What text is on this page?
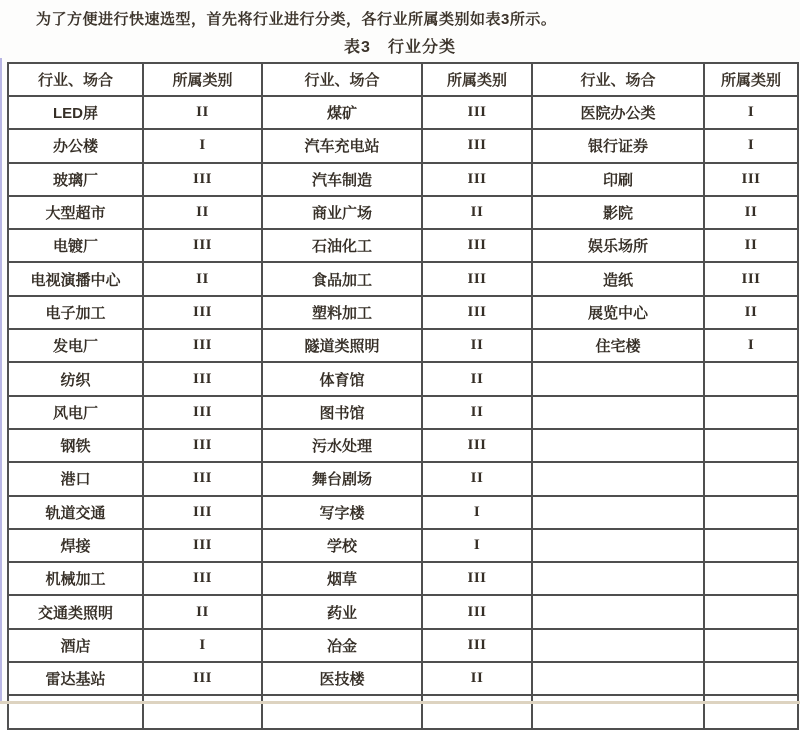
为了方便进行快速选型，首先将行业进行分类，各行业所属类别如表3所示。

表3　行业分类
行业、场合	所属类别	行业、场合	所属类别	行业、场合	所属类别
LED屏	II	煤矿	III	医院办公类	I
办公楼	I	汽车充电站	III	银行证券	I
玻璃厂	III	汽车制造	III	印刷	III
大型超市	II	商业广场	II	影院	II
电镀厂	III	石油化工	III	娱乐场所	II
电视演播中心	II	食品加工	III	造纸	III
电子加工	III	塑料加工	III	展览中心	II
发电厂	III	隧道类照明	II	住宅楼	I
纺织	III	体育馆	II		
风电厂	III	图书馆	II		
钢铁	III	污水处理	III		
港口	III	舞台剧场	II		
轨道交通	III	写字楼	I		
焊接	III	学校	I		
机械加工	III	烟草	III		
交通类照明	II	药业	III		
酒店	I	冶金	III		
雷达基站	III	医技楼	II		
